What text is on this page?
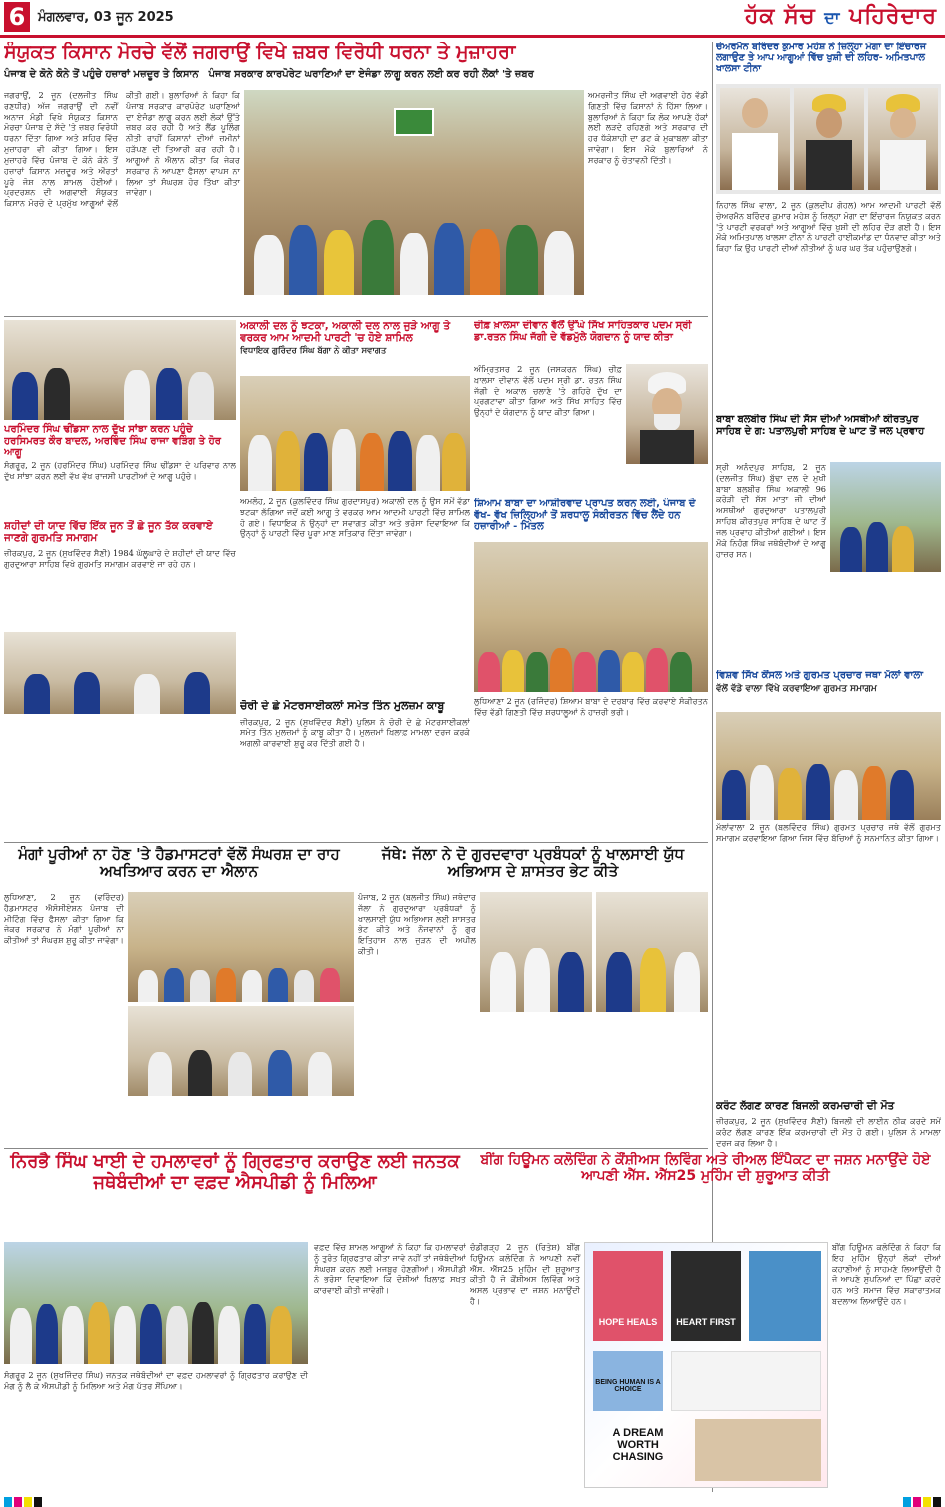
6 ਮੰਗਲਵਾਰ, 03 ਜੂਨ 2025	ਹੱਕ ਸੱਚ ਦਾ ਪਹਿਰੇਦਾਰ
ਸੰਯੁਕਤ ਕਿਸਾਨ ਮੋਰਚੇ ਵੱਲੋਂ ਜਗਰਾਉਂ ਵਿਖੇ ਜ਼ਬਰ ਵਿਰੋਧੀ ਧਰਨਾ ਤੇ ਮੁਜ਼ਾਹਰਾ
ਪੰਜਾਬ ਦੇ ਕੋਨੇ ਕੋਨੇ ਤੋਂ ਪਹੁੰਚੇ ਹਜ਼ਾਰਾਂ ਮਜ਼ਦੂਰ ਤੇ ਕਿਸਾਨ ਪੰਜਾਬ ਸਰਕਾਰ ਕਾਰਪੋਰੇਟ ਘਰਾਣਿਆਂ ਦਾ ਏਜੰਡਾ ਲਾਗੂ ਕਰਨ ਲਈ ਕਰ ਰਹੀ ਲੋਕਾਂ 'ਤੇ ਜ਼ਬਰ
ਜਗਰਾਉਂ, 2 ਜੂਨ (ਦਲਜੀਤ ਸਿੰਘ ਰਣਧੀਰ) ਅੱਜ ਜਗਰਾਉਂ ਦੀ ਨਵੀਂ ਅਨਾਜ ਮੰਡੀ ਵਿਖੇ ਸੰਯੁਕਤ ਕਿਸਾਨ ਮੋਰਚਾ ਪੰਜਾਬ ਦੇ ਸੱਦੇ 'ਤੇ ਜ਼ਬਰ ਵਿਰੋਧੀ ਧਰਨਾ ਦਿੱਤਾ ਗਿਆ ਅਤੇ ਸ਼ਹਿਰ ਵਿੱਚ ਮੁਜ਼ਾਹਰਾ ਵੀ ਕੀਤਾ ਗਿਆ। ਇਸ ਮੁਜ਼ਾਹਰੇ ਵਿੱਚ ਪੰਜਾਬ ਦੇ ਕੋਨੇ ਕੋਨੇ ਤੋਂ ਹਜ਼ਾਰਾਂ ਕਿਸਾਨ ਮਜ਼ਦੂਰ ਅਤੇ ਔਰਤਾਂ ਪੂਰੇ ਜੋਸ਼ ਨਾਲ ਸ਼ਾਮਲ ਹੋਈਆਂ। ਪ੍ਰਦਰਸ਼ਨ ਦੀ ਅਗਵਾਈ ਸੰਯੁਕਤ ਕਿਸਾਨ ਮੋਰਚੇ ਦੇ ਪ੍ਰਮੁੱਖ ਆਗੂਆਂ ਵੱਲੋਂ ਕੀਤੀ ਗਈ। ਬੁਲਾਰਿਆਂ ਨੇ ਕਿਹਾ ਕਿ ਪੰਜਾਬ ਸਰਕਾਰ ਕਾਰਪੋਰੇਟ ਘਰਾਣਿਆਂ ਦਾ ਏਜੰਡਾ ਲਾਗੂ ਕਰਨ ਲਈ ਲੋਕਾਂ ਉੱਤੇ ਜ਼ਬਰ ਕਰ ਰਹੀ ਹੈ ਅਤੇ ਲੈਂਡ ਪੂਲਿੰਗ ਨੀਤੀ ਰਾਹੀਂ ਕਿਸਾਨਾਂ ਦੀਆਂ ਜ਼ਮੀਨਾਂ ਹੜੱਪਣ ਦੀ ਤਿਆਰੀ ਕਰ ਰਹੀ ਹੈ। ਆਗੂਆਂ ਨੇ ਐਲਾਨ ਕੀਤਾ ਕਿ ਜੇਕਰ ਸਰਕਾਰ ਨੇ ਆਪਣਾ ਫੈਸਲਾ ਵਾਪਸ ਨਾ ਲਿਆ ਤਾਂ ਸੰਘਰਸ਼ ਹੋਰ ਤਿੱਖਾ ਕੀਤਾ ਜਾਵੇਗਾ।
ਅਮਰਜੀਤ ਸਿੰਘ ਦੀ ਅਗਵਾਈ ਹੇਠ ਵੱਡੀ ਗਿਣਤੀ ਵਿੱਚ ਕਿਸਾਨਾਂ ਨੇ ਹਿੱਸਾ ਲਿਆ। ਬੁਲਾਰਿਆਂ ਨੇ ਕਿਹਾ ਕਿ ਲੋਕ ਆਪਣੇ ਹੱਕਾਂ ਲਈ ਲੜਦੇ ਰਹਿਣਗੇ ਅਤੇ ਸਰਕਾਰ ਦੀ ਹਰ ਧੱਕੇਸ਼ਾਹੀ ਦਾ ਡਟ ਕੇ ਮੁਕਾਬਲਾ ਕੀਤਾ ਜਾਵੇਗਾ। ਇਸ ਮੌਕੇ ਬੁਲਾਰਿਆਂ ਨੇ ਸਰਕਾਰ ਨੂੰ ਚੇਤਾਵਨੀ ਦਿੱਤੀ।
ਚੇਅਰਮੈਨ ਬਰਿੰਦਰ ਕੁਮਾਰ ਮਹੇਸ਼ ਨੇ ਜ਼ਿਲ੍ਹਾ ਮੋਗਾ ਦਾ ਇੰਚਾਰਜ ਲਗਾਉਣ ਤੇ ਆਪ ਆਗੂਆਂ ਵਿੱਚ ਖੁਸ਼ੀ ਦੀ ਲਹਿਰ- ਅਮਿਤਪਾਲ ਖਾਲਸਾ ਟੀਨਾ
ਨਿਹਾਲ ਸਿੰਘ ਵਾਲਾ, 2 ਜੂਨ (ਕੁਲਦੀਪ ਗੋਹਲ) ਆਮ ਆਦਮੀ ਪਾਰਟੀ ਵੱਲੋਂ ਚੇਅਰਮੈਨ ਬਰਿੰਦਰ ਕੁਮਾਰ ਮਹੇਸ਼ ਨੂੰ ਜ਼ਿਲ੍ਹਾ ਮੋਗਾ ਦਾ ਇੰਚਾਰਜ ਨਿਯੁਕਤ ਕਰਨ 'ਤੇ ਪਾਰਟੀ ਵਰਕਰਾਂ ਅਤੇ ਆਗੂਆਂ ਵਿੱਚ ਖੁਸ਼ੀ ਦੀ ਲਹਿਰ ਦੌੜ ਗਈ ਹੈ। ਇਸ ਮੌਕੇ ਅਮਿਤਪਾਲ ਖਾਲਸਾ ਟੀਨਾ ਨੇ ਪਾਰਟੀ ਹਾਈਕਮਾਂਡ ਦਾ ਧੰਨਵਾਦ ਕੀਤਾ ਅਤੇ ਕਿਹਾ ਕਿ ਉਹ ਪਾਰਟੀ ਦੀਆਂ ਨੀਤੀਆਂ ਨੂੰ ਘਰ ਘਰ ਤੱਕ ਪਹੁੰਚਾਉਣਗੇ।
ਬਾਬਾ ਬਲਬੀਰ ਸਿੰਘ ਦੀ ਸੱਸ ਦੀਆਂ ਅਸਥੀਆਂ ਕੀਰਤਪੁਰ ਸਾਹਿਬ ਦੇ ਗ: ਪਤਾਲਪੁਰੀ ਸਾਹਿਬ ਦੇ ਘਾਟ ਤੋਂ ਜਲ ਪ੍ਰਵਾਹ
ਸ੍ਰੀ ਅਨੰਦਪੁਰ ਸਾਹਿਬ, 2 ਜੂਨ (ਦਲਜੀਤ ਸਿੰਘ) ਬੁੱਢਾ ਦਲ ਦੇ ਮੁਖੀ ਬਾਬਾ ਬਲਬੀਰ ਸਿੰਘ ਅਕਾਲੀ 96 ਕਰੋੜੀ ਦੀ ਸੱਸ ਮਾਤਾ ਜੀ ਦੀਆਂ ਅਸਥੀਆਂ ਗੁਰਦੁਆਰਾ ਪਤਾਲਪੁਰੀ ਸਾਹਿਬ ਕੀਰਤਪੁਰ ਸਾਹਿਬ ਦੇ ਘਾਟ ਤੋਂ ਜਲ ਪ੍ਰਵਾਹ ਕੀਤੀਆਂ ਗਈਆਂ। ਇਸ ਮੌਕੇ ਨਿਹੰਗ ਸਿੰਘ ਜਥੇਬੰਦੀਆਂ ਦੇ ਆਗੂ ਹਾਜ਼ਰ ਸਨ।
ਵਿਸ਼ਵ ਸਿੱਖ ਕੌਂਸਲ ਅਤੇ ਗੁਰਮਤ ਪ੍ਰਚਾਰ ਜਥਾ ਮੱਲਾਂ ਵਾਲਾ
ਵੱਲੋਂ ਵੱਡੇ ਵਾਲਾ ਵਿੱਖੇ ਕਰਵਾਇਆ ਗੁਰਮਤ ਸਮਾਗਮ
ਮੱਲਾਂਵਾਲਾ 2 ਜੂਨ (ਬਲਵਿੰਦਰ ਸਿੰਘ) ਗੁਰਮਤ ਪ੍ਰਚਾਰ ਜਥੇ ਵੱਲੋਂ ਗੁਰਮਤ ਸਮਾਗਮ ਕਰਵਾਇਆ ਗਿਆ ਜਿਸ ਵਿੱਚ ਬੱਚਿਆਂ ਨੂੰ ਸਨਮਾਨਿਤ ਕੀਤਾ ਗਿਆ।
ਕਰੰਟ ਲੱਗਣ ਕਾਰਣ ਬਿਜਲੀ ਕਰਮਚਾਰੀ ਦੀ ਮੌਤ
ਜ਼ੀਰਕਪੁਰ, 2 ਜੂਨ (ਸੁਖਵਿੰਦਰ ਸੈਣੀ) ਬਿਜਲੀ ਦੀ ਲਾਈਨ ਠੀਕ ਕਰਦੇ ਸਮੇਂ ਕਰੰਟ ਲੱਗਣ ਕਾਰਣ ਇੱਕ ਕਰਮਚਾਰੀ ਦੀ ਮੌਤ ਹੋ ਗਈ। ਪੁਲਿਸ ਨੇ ਮਾਮਲਾ ਦਰਜ ਕਰ ਲਿਆ ਹੈ।
ਪਰਮਿੰਦਰ ਸਿੰਘ ਢੀਂਡਸਾ ਨਾਲ ਦੁੱਖ ਸਾਂਝਾ ਕਰਨ ਪਹੁੰਚੇ ਹਰਸਿਮਰਤ ਕੌਰ ਬਾਦਲ, ਅਰਵਿੰਦ ਸਿੰਘ ਰਾਜਾ ਵੜਿੰਗ ਤੇ ਹੋਰ ਆਗੂ
ਸੰਗਰੂਰ, 2 ਜੂਨ (ਹਰਮਿੰਦਰ ਸਿੰਘ) ਪਰਮਿੰਦਰ ਸਿੰਘ ਢੀਂਡਸਾ ਦੇ ਪਰਿਵਾਰ ਨਾਲ ਦੁੱਖ ਸਾਂਝਾ ਕਰਨ ਲਈ ਵੱਖ ਵੱਖ ਰਾਜਸੀ ਪਾਰਟੀਆਂ ਦੇ ਆਗੂ ਪਹੁੰਚੇ।
ਸ਼ਹੀਦਾਂ ਦੀ ਯਾਦ ਵਿੱਚ ਇੱਕ ਜੂਨ ਤੋਂ ਛੇ ਜੂਨ ਤੱਕ ਕਰਵਾਏ ਜਾਣਗੇ ਗੁਰਮਤਿ ਸਮਾਗਮ
ਜ਼ੀਰਕਪੁਰ, 2 ਜੂਨ (ਸੁਖਵਿੰਦਰ ਸੈਣੀ) 1984 ਘੱਲੂਘਾਰੇ ਦੇ ਸ਼ਹੀਦਾਂ ਦੀ ਯਾਦ ਵਿੱਚ ਗੁਰਦੁਆਰਾ ਸਾਹਿਬ ਵਿਖੇ ਗੁਰਮਤਿ ਸਮਾਗਮ ਕਰਵਾਏ ਜਾ ਰਹੇ ਹਨ।
ਅਕਾਲੀ ਦਲ ਨੂੰ ਝਟਕਾ, ਅਕਾਲੀ ਦਲ ਨਾਲ ਜੁੜੇ ਆਗੂ ਤੇ ਵਰਕਰ ਆਮ ਆਦਮੀ ਪਾਰਟੀ 'ਚ ਹੋਏ ਸ਼ਾਮਿਲ
ਵਿਧਾਇਕ ਗੁਰਿੰਦਰ ਸਿੰਘ ਬੱਗਾ ਨੇ ਕੀਤਾ ਸਵਾਗਤ
ਅਮਲੋਹ, 2 ਜੂਨ (ਕੁਲਵਿੰਦਰ ਸਿੰਘ ਗੁਰਦਾਸਪੁਰ) ਅਕਾਲੀ ਦਲ ਨੂੰ ਉਸ ਸਮੇਂ ਵੱਡਾ ਝਟਕਾ ਲੱਗਿਆ ਜਦੋਂ ਕਈ ਆਗੂ ਤੇ ਵਰਕਰ ਆਮ ਆਦਮੀ ਪਾਰਟੀ ਵਿੱਚ ਸ਼ਾਮਿਲ ਹੋ ਗਏ। ਵਿਧਾਇਕ ਨੇ ਉਨ੍ਹਾਂ ਦਾ ਸਵਾਗਤ ਕੀਤਾ ਅਤੇ ਭਰੋਸਾ ਦਿਵਾਇਆ ਕਿ ਉਨ੍ਹਾਂ ਨੂੰ ਪਾਰਟੀ ਵਿੱਚ ਪੂਰਾ ਮਾਣ ਸਤਿਕਾਰ ਦਿੱਤਾ ਜਾਵੇਗਾ।
ਚੋਰੀ ਦੇ ਛੇ ਮੋਟਰਸਾਈਕਲਾਂ ਸਮੇਤ ਤਿੰਨ ਮੁਲਜ਼ਮ ਕਾਬੂ
ਜ਼ੀਰਕਪੁਰ, 2 ਜੂਨ (ਸੁਖਵਿੰਦਰ ਸੈਣੀ) ਪੁਲਿਸ ਨੇ ਚੋਰੀ ਦੇ ਛੇ ਮੋਟਰਸਾਈਕਲਾਂ ਸਮੇਤ ਤਿੰਨ ਮੁਲਜ਼ਮਾਂ ਨੂੰ ਕਾਬੂ ਕੀਤਾ ਹੈ। ਮੁਲਜ਼ਮਾਂ ਖ਼ਿਲਾਫ਼ ਮਾਮਲਾ ਦਰਜ ਕਰਕੇ ਅਗਲੀ ਕਾਰਵਾਈ ਸ਼ੁਰੂ ਕਰ ਦਿੱਤੀ ਗਈ ਹੈ।
ਚੀਫ਼ ਖ਼ਾਲਸਾ ਦੀਵਾਨ ਵੱਲੋਂ ਉੱਘੇ ਸਿੱਖ ਸਾਹਿਤਕਾਰ ਪਦਮ ਸ੍ਰੀ ਡਾ.ਰਤਨ ਸਿੰਘ ਜੱਗੀ ਦੇ ਵੱਡਮੁੱਲੇ ਯੋਗਦਾਨ ਨੂੰ ਯਾਦ ਕੀਤਾ
ਅੰਮ੍ਰਿਤਸਰ 2 ਜੂਨ (ਜਸਕਰਨ ਸਿੰਘ) ਚੀਫ਼ ਖ਼ਾਲਸਾ ਦੀਵਾਨ ਵੱਲੋਂ ਪਦਮ ਸ੍ਰੀ ਡਾ. ਰਤਨ ਸਿੰਘ ਜੱਗੀ ਦੇ ਅਕਾਲ ਚਲਾਣੇ 'ਤੇ ਗਹਿਰੇ ਦੁੱਖ ਦਾ ਪ੍ਰਗਟਾਵਾ ਕੀਤਾ ਗਿਆ ਅਤੇ ਸਿੱਖ ਸਾਹਿਤ ਵਿੱਚ ਉਨ੍ਹਾਂ ਦੇ ਯੋਗਦਾਨ ਨੂੰ ਯਾਦ ਕੀਤਾ ਗਿਆ।
ਸ਼ਿਆਮ ਬਾਬਾ ਦਾ ਆਸ਼ੀਰਵਾਦ ਪ੍ਰਾਪਤ ਕਰਨ ਲਈ, ਪੰਜਾਬ ਦੇ ਵੱਖ- ਵੱਖ ਜ਼ਿਲ੍ਹਿਆਂ ਤੋਂ ਸ਼ਰਧਾਲੂ ਸੰਕੀਰਤਨ ਵਿੱਚ ਲੈਂਦੇ ਹਨ ਹਜ਼ਾਰੀਆਂ - ਮਿੱਤਲ
ਲੁਧਿਆਣਾ 2 ਜੂਨ (ਰਜਿੰਦਰ) ਸ਼ਿਆਮ ਬਾਬਾ ਦੇ ਦਰਬਾਰ ਵਿੱਚ ਕਰਵਾਏ ਸੰਕੀਰਤਨ ਵਿੱਚ ਵੱਡੀ ਗਿਣਤੀ ਵਿੱਚ ਸ਼ਰਧਾਲੂਆਂ ਨੇ ਹਾਜ਼ਰੀ ਭਰੀ।
ਮੰਗਾਂ ਪੂਰੀਆਂ ਨਾ ਹੋਣ 'ਤੇ ਹੈਡਮਾਸਟਰਾਂ ਵੱਲੋਂ ਸੰਘਰਸ਼ ਦਾ ਰਾਹ ਅਖਤਿਆਰ ਕਰਨ ਦਾ ਐਲਾਨ
ਲੁਧਿਆਣਾ, 2 ਜੂਨ (ਵਰਿੰਦਰ) ਹੈਡਮਾਸਟਰ ਐਸੋਸੀਏਸ਼ਨ ਪੰਜਾਬ ਦੀ ਮੀਟਿੰਗ ਵਿੱਚ ਫੈਸਲਾ ਕੀਤਾ ਗਿਆ ਕਿ ਜੇਕਰ ਸਰਕਾਰ ਨੇ ਮੰਗਾਂ ਪੂਰੀਆਂ ਨਾ ਕੀਤੀਆਂ ਤਾਂ ਸੰਘਰਸ਼ ਸ਼ੁਰੂ ਕੀਤਾ ਜਾਵੇਗਾ।
ਜੱਥੇ: ਜੱਲਾ ਨੇ ਦੋ ਗੁਰਦਵਾਰਾ ਪ੍ਰਬੰਧਕਾਂ ਨੂੰ ਖਾਲਸਾਈ ਯੁੱਧ ਅਭਿਆਸ ਦੇ ਸ਼ਾਸਤਰ ਭੇਟ ਕੀਤੇ
ਪੰਜਾਬ, 2 ਜੂਨ (ਬਲਜੀਤ ਸਿੰਘ) ਜਥੇਦਾਰ ਜੱਲਾ ਨੇ ਗੁਰਦੁਆਰਾ ਪ੍ਰਬੰਧਕਾਂ ਨੂੰ ਖਾਲਸਾਈ ਯੁੱਧ ਅਭਿਆਸ ਲਈ ਸ਼ਾਸਤਰ ਭੇਟ ਕੀਤੇ ਅਤੇ ਨੌਜਵਾਨਾਂ ਨੂੰ ਗੁਰ ਇਤਿਹਾਸ ਨਾਲ ਜੁੜਨ ਦੀ ਅਪੀਲ ਕੀਤੀ।
ਨਿਰਭੈ ਸਿੰਘ ਖਾਈ ਦੇ ਹਮਲਾਵਰਾਂ ਨੂੰ ਗ੍ਰਿਫਤਾਰ ਕਰਾਉਣ ਲਈ ਜਨਤਕ ਜਥੇਬੰਦੀਆਂ ਦਾ ਵਫ਼ਦ ਐਸਪੀਡੀ ਨੂੰ ਮਿਲਿਆ
ਸੰਗਰੂਰ 2 ਜੂਨ (ਸੁਖਜਿੰਦਰ ਸਿੰਘ) ਜਨਤਕ ਜਥੇਬੰਦੀਆਂ ਦਾ ਵਫ਼ਦ ਹਮਲਾਵਰਾਂ ਨੂੰ ਗ੍ਰਿਫਤਾਰ ਕਰਾਉਣ ਦੀ ਮੰਗ ਨੂੰ ਲੈ ਕੇ ਐਸਪੀਡੀ ਨੂੰ ਮਿਲਿਆ ਅਤੇ ਮੰਗ ਪੱਤਰ ਸੌਂਪਿਆ।
ਵਫ਼ਦ ਵਿੱਚ ਸ਼ਾਮਲ ਆਗੂਆਂ ਨੇ ਕਿਹਾ ਕਿ ਹਮਲਾਵਰਾਂ ਨੂੰ ਤੁਰੰਤ ਗ੍ਰਿਫਤਾਰ ਕੀਤਾ ਜਾਵੇ ਨਹੀਂ ਤਾਂ ਜਥੇਬੰਦੀਆਂ ਸੰਘਰਸ਼ ਕਰਨ ਲਈ ਮਜਬੂਰ ਹੋਣਗੀਆਂ। ਐਸਪੀਡੀ ਨੇ ਭਰੋਸਾ ਦਿਵਾਇਆ ਕਿ ਦੋਸ਼ੀਆਂ ਖ਼ਿਲਾਫ਼ ਸਖ਼ਤ ਕਾਰਵਾਈ ਕੀਤੀ ਜਾਵੇਗੀ।
ਬੀਂਗ ਹਿਊਮਨ ਕਲੋਦਿੰਗ ਨੇ ਕੌਂਸ਼ੀਅਸ ਲਿਵਿੰਗ ਅਤੇ ਰੀਅਲ ਇੰਪੈਕਟ ਦਾ ਜਸ਼ਨ ਮਨਾਉਂਦੇ ਹੋਏ ਆਪਣੀ ਐੱਸ. ਐੱਸ25 ਮੁਹਿੰਮ ਦੀ ਸ਼ੁਰੂਆਤ ਕੀਤੀ
ਚੰਡੀਗੜ੍ਹ 2 ਜੂਨ (ਰਿਤੇਸ਼) ਬੀਂਗ ਹਿਊਮਨ ਕਲੋਦਿੰਗ ਨੇ ਆਪਣੀ ਨਵੀਂ ਐੱਸ. ਐੱਸ25 ਮੁਹਿੰਮ ਦੀ ਸ਼ੁਰੂਆਤ ਕੀਤੀ ਹੈ ਜੋ ਕੌਂਸ਼ੀਅਸ ਲਿਵਿੰਗ ਅਤੇ ਅਸਲ ਪ੍ਰਭਾਵ ਦਾ ਜਸ਼ਨ ਮਨਾਉਂਦੀ ਹੈ।
HOPE HEALS	HEART FIRST
BEING HUMAN IS A CHOICE
A DREAM WORTH CHASING
ਬੀਂਗ ਹਿਊਮਨ ਕਲੋਦਿੰਗ ਨੇ ਕਿਹਾ ਕਿ ਇਹ ਮੁਹਿੰਮ ਉਨ੍ਹਾਂ ਲੋਕਾਂ ਦੀਆਂ ਕਹਾਣੀਆਂ ਨੂੰ ਸਾਹਮਣੇ ਲਿਆਉਂਦੀ ਹੈ ਜੋ ਆਪਣੇ ਸੁਪਨਿਆਂ ਦਾ ਪਿੱਛਾ ਕਰਦੇ ਹਨ ਅਤੇ ਸਮਾਜ ਵਿੱਚ ਸਕਾਰਾਤਮਕ ਬਦਲਾਅ ਲਿਆਉਂਦੇ ਹਨ।
